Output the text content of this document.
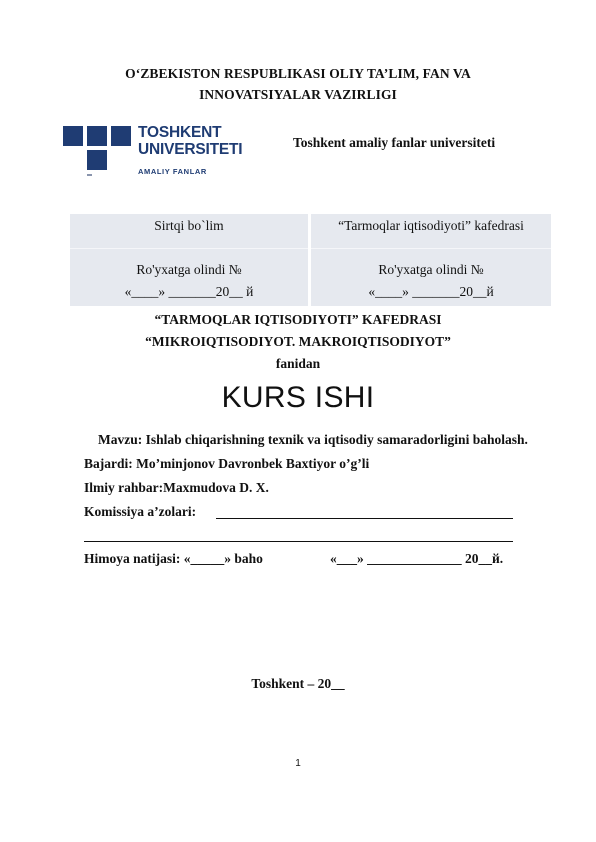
O‘ZBEKISTON RESPUBLIKASI OLIY TA’LIM, FAN VA
INNOVATSIYALAR VAZIRLIGI
TOSHKENT
UNIVERSITETI
AMALIY FANLAR
Toshkent amaliy fanlar universiteti
Sirtqi bo`lim	“Tarmoqlar iqtisodiyoti” kafedrasi
Ro'yxatga olindi №	Ro'yxatga olindi №
«____» _______20__ й	«____» _______20__й
“TARMOQLAR IQTISODIYOTI” KAFEDRASI
“MIKROIQTISODIYOT. MAKROIQTISODIYOT”
fanidan
KURS ISHI
Mavzu: Ishlab chiqarishning texnik va iqtisodiy samaradorligini baholash.
Bajardi: Mo’minjonov Davronbek Baxtiyor o’g’li
Ilmiy rahbar:Maxmudova D. X.
Komissiya a’zolari:
Himoya natijasi: «_____» baho	«___» ______________ 20__й.
Toshkent – 20__
1
